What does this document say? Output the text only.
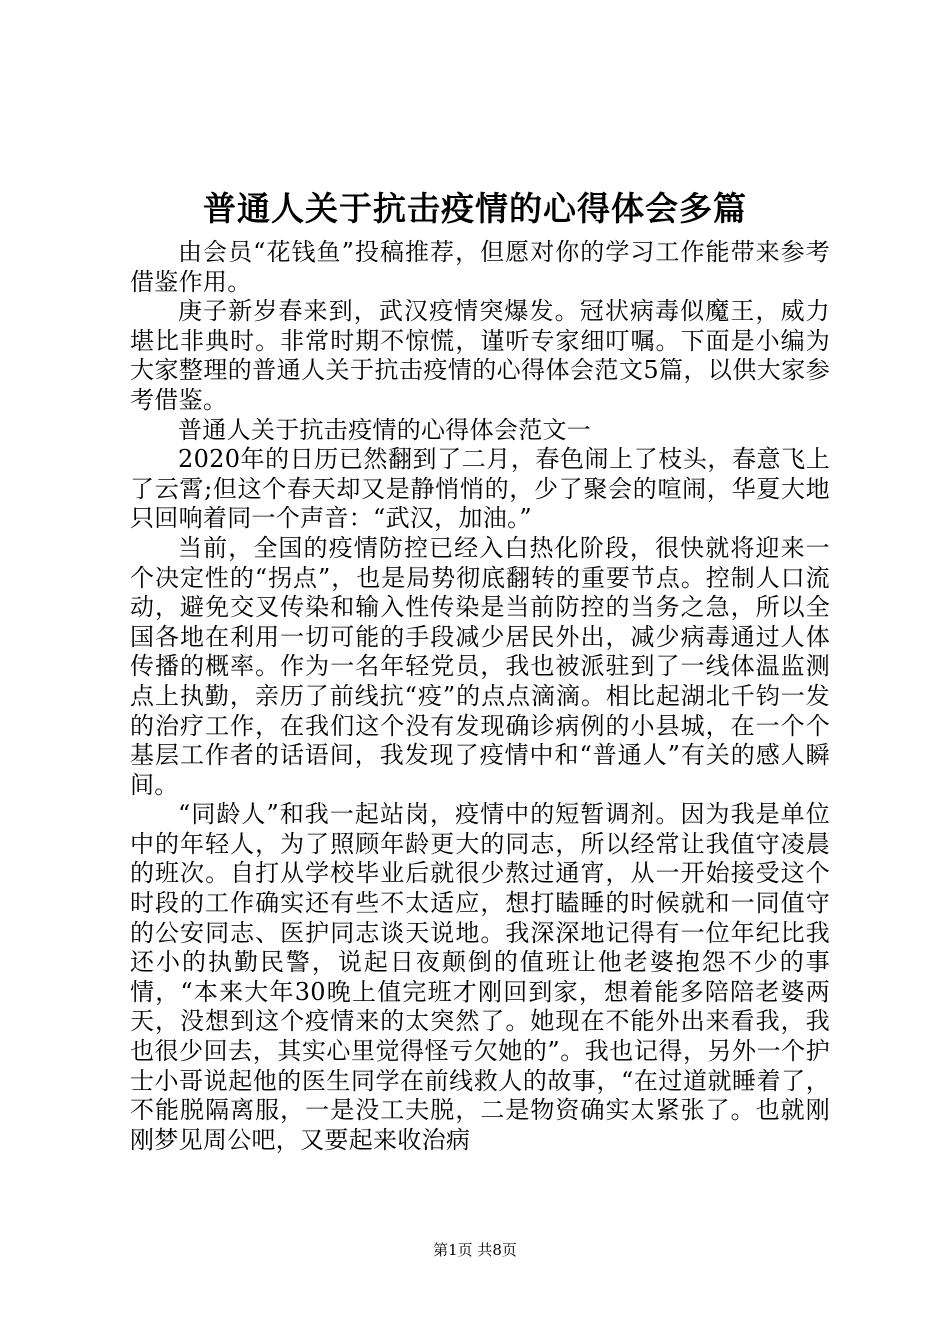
普通人关于抗击疫情的心得体会多篇

由会员“花钱鱼”投稿推荐，但愿对你的学习工作能带来参考借鉴作用。

庚子新岁春来到，武汉疫情突爆发。冠状病毒似魔王，威力堪比非典时。非常时期不惊慌，谨听专家细叮嘱。下面是小编为大家整理的普通人关于抗击疫情的心得体会范文5篇，以供大家参考借鉴。

普通人关于抗击疫情的心得体会范文一

2020年的日历已然翻到了二月，春色闹上了枝头，春意飞上了云霄;但这个春天却又是静悄悄的，少了聚会的喧闹，华夏大地只回响着同一个声音：“武汉，加油。”

当前，全国的疫情防控已经入白热化阶段，很快就将迎来一个决定性的“拐点”，也是局势彻底翻转的重要节点。控制人口流动，避免交叉传染和输入性传染是当前防控的当务之急，所以全国各地在利用一切可能的手段减少居民外出，减少病毒通过人体传播的概率。作为一名年轻党员，我也被派驻到了一线体温监测点上执勤，亲历了前线抗“疫”的点点滴滴。相比起湖北千钧一发的治疗工作，在我们这个没有发现确诊病例的小县城，在一个个基层工作者的话语间，我发现了疫情中和“普通人”有关的感人瞬间。

“同龄人”和我一起站岗，疫情中的短暂调剂。因为我是单位中的年轻人，为了照顾年龄更大的同志，所以经常让我值守凌晨的班次。自打从学校毕业后就很少熬过通宵，从一开始接受这个时段的工作确实还有些不太适应，想打瞌睡的时候就和一同值守的公安同志、医护同志谈天说地。我深深地记得有一位年纪比我还小的执勤民警，说起日夜颠倒的值班让他老婆抱怨不少的事情，“本来大年30晚上值完班才刚回到家，想着能多陪陪老婆两天，没想到这个疫情来的太突然了。她现在不能外出来看我，我也很少回去，其实心里觉得怪亏欠她的”。我也记得，另外一个护士小哥说起他的医生同学在前线救人的故事，“在过道就睡着了，不能脱隔离服，一是没工夫脱，二是物资确实太紧张了。也就刚刚梦见周公吧，又要起来收治病

第1页 共8页
